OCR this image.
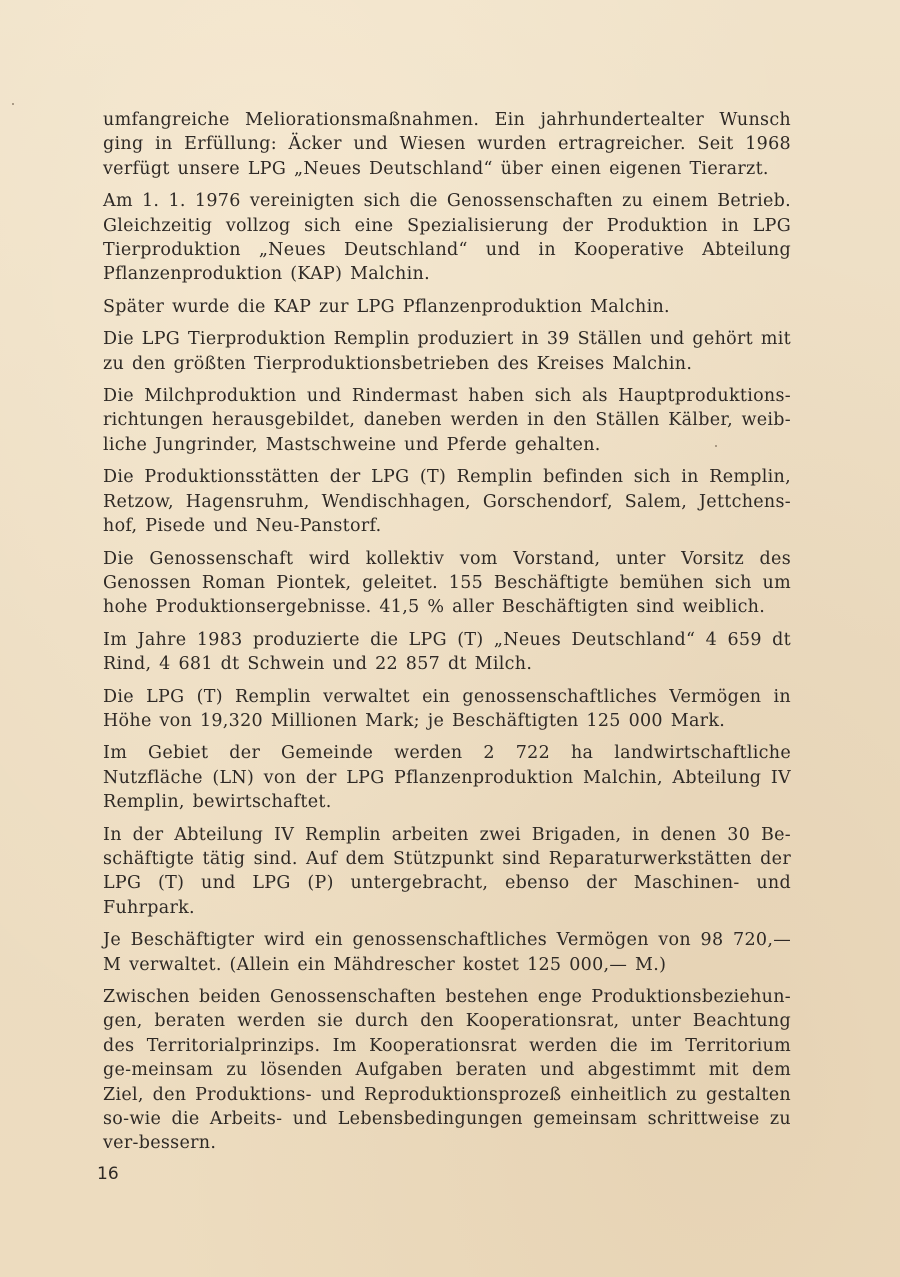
umfangreiche Meliorationsmaßnahmen. Ein jahrhundertealter Wunsch ging in Erfüllung: Äcker und Wiesen wurden ertragreicher. Seit 1968 verfügt unsere LPG „Neues Deutschland“ über einen eigenen Tierarzt.

Am 1. 1. 1976 vereinigten sich die Genossenschaften zu einem Betrieb. Gleichzeitig vollzog sich eine Spezialisierung der Produktion in LPG Tierproduktion „Neues Deutschland“ und in Kooperative Abteilung Pflanzenproduktion (KAP) Malchin.

Später wurde die KAP zur LPG Pflanzenproduktion Malchin.

Die LPG Tierproduktion Remplin produziert in 39 Ställen und gehört mit zu den größten Tierproduktionsbetrieben des Kreises Malchin.

Die Milchproduktion und Rindermast haben sich als Hauptproduktions-richtungen herausgebildet, daneben werden in den Ställen Kälber, weib-liche Jungrinder, Mastschweine und Pferde gehalten.

Die Produktionsstätten der LPG (T) Remplin befinden sich in Remplin, Retzow, Hagensruhm, Wendischhagen, Gorschendorf, Salem, Jettchens-hof, Pisede und Neu-Panstorf.

Die Genossenschaft wird kollektiv vom Vorstand, unter Vorsitz des Genossen Roman Piontek, geleitet. 155 Beschäftigte bemühen sich um hohe Produktionsergebnisse. 41,5 % aller Beschäftigten sind weiblich.

Im Jahre 1983 produzierte die LPG (T) „Neues Deutschland“ 4 659 dt Rind, 4 681 dt Schwein und 22 857 dt Milch.

Die LPG (T) Remplin verwaltet ein genossenschaftliches Vermögen in Höhe von 19,320 Millionen Mark; je Beschäftigten 125 000 Mark.

Im Gebiet der Gemeinde werden 2 722 ha landwirtschaftliche Nutzfläche (LN) von der LPG Pflanzenproduktion Malchin, Abteilung IV Remplin, bewirtschaftet.

In der Abteilung IV Remplin arbeiten zwei Brigaden, in denen 30 Be-schäftigte tätig sind. Auf dem Stützpunkt sind Reparaturwerkstätten der LPG (T) und LPG (P) untergebracht, ebenso der Maschinen- und Fuhrpark.

Je Beschäftigter wird ein genossenschaftliches Vermögen von 98 720,— M verwaltet. (Allein ein Mähdrescher kostet 125 000,— M.)

Zwischen beiden Genossenschaften bestehen enge Produktionsbeziehun-gen, beraten werden sie durch den Kooperationsrat, unter Beachtung des Territorialprinzips. Im Kooperationsrat werden die im Territorium ge-meinsam zu lösenden Aufgaben beraten und abgestimmt mit dem Ziel, den Produktions- und Reproduktionsprozeß einheitlich zu gestalten so-wie die Arbeits- und Lebensbedingungen gemeinsam schrittweise zu ver-bessern.

16
